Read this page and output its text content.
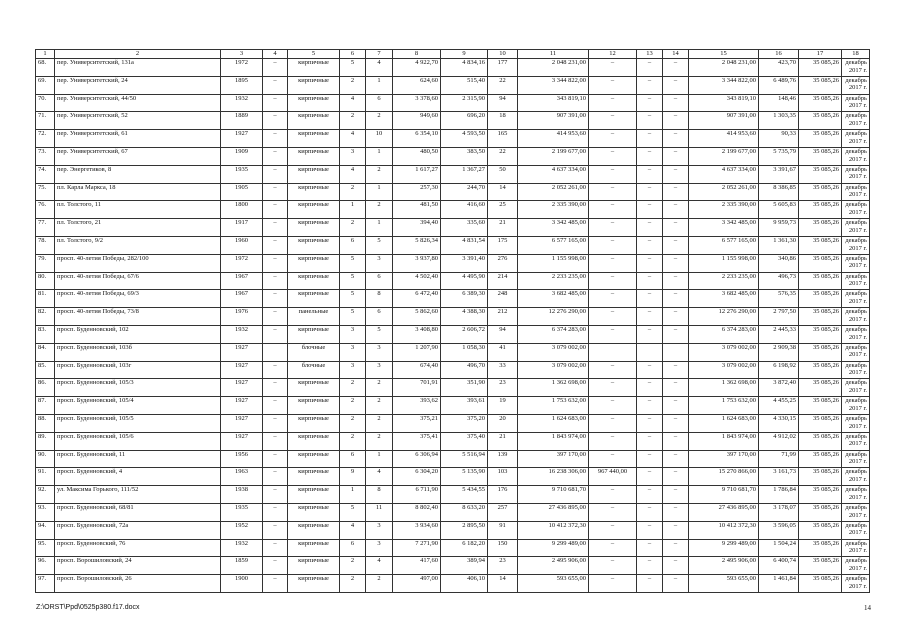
1	2	3	4	5	6	7	8	9	10	11	12	13	14	15	16	17	18
68.	пер. Университетский, 131а	1972	–	кирпичные	5	4	4 922,70	4 834,16	177	2 048 231,00	–	–	–	2 048 231,00	423,70	35 085,26	декабрь
2017 г.

69.	пер. Университетский, 24	1895	–	кирпичные	2	1	624,60	515,40	22	3 344 822,00	–	–	–	3 344 822,00	6 489,76	35 085,26	декабрь
2017 г.

70.	пер. Университетский, 44/50	1932	–	кирпичные	4	6	3 378,60	2 315,90	94	343 819,10	–	–	–	343 819,10	148,46	35 085,26	декабрь
2017 г.

71.	пер. Университетский, 52	1889	–	кирпичные	2	2	949,60	696,20	18	907 391,00	–	–	–	907 391,00	1 303,35	35 085,26	декабрь
2017 г.

72.	пер. Университетский, 61	1927	–	кирпичные	4	10	6 354,10	4 593,50	165	414 953,60	–	–	–	414 953,60	90,33	35 085,26	декабрь
2017 г.

73.	пер. Университетский, 67	1909	–	кирпичные	3	1	480,50	383,50	22	2 199 677,00	–	–	–	2 199 677,00	5 735,79	35 085,26	декабрь
2017 г.

74.	пер. Энергетиков, 8	1935	–	кирпичные	4	2	1 617,27	1 367,27	50	4 637 334,00	–	–	–	4 637 334,00	3 391,67	35 085,26	декабрь
2017 г.

75.	пл. Карла Маркса, 18	1905	–	кирпичные	2	1	257,30	244,70	14	2 052 261,00	–	–	–	2 052 261,00	8 386,85	35 085,26	декабрь
2017 г.

76.	пл. Толстого, 11	1800	–	кирпичные	1	2	481,50	416,60	25	2 335 390,00	–	–	–	2 335 390,00	5 605,83	35 085,26	декабрь
2017 г.

77.	пл. Толстого, 21	1917	–	кирпичные	2	1	394,40	335,60	21	3 342 485,00	–	–	–	3 342 485,00	9 959,73	35 085,26	декабрь
2017 г.

78.	пл. Толстого, 9/2	1960	–	кирпичные	6	5	5 826,34	4 831,54	175	6 577 165,00	–	–	–	6 577 165,00	1 361,30	35 085,26	декабрь
2017 г.

79.	просп. 40-летия Победы, 282/100	1972	–	кирпичные	5	3	3 937,80	3 391,40	276	1 155 998,00	–	–	–	1 155 998,00	340,86	35 085,26	декабрь
2017 г.

80.	просп. 40-летия Победы, 67/6	1967	–	кирпичные	5	6	4 502,40	4 495,90	214	2 233 235,00	–	–	–	2 233 235,00	496,73	35 085,26	декабрь
2017 г.

81.	просп. 40-летия Победы, 69/3	1967	–	кирпичные	5	8	6 472,40	6 389,30	248	3 682 485,00	–	–	–	3 682 485,00	576,35	35 085,26	декабрь
2017 г.

82.	просп. 40-летия Победы, 73/8	1976	–	панельные	5	6	5 862,60	4 388,30	212	12 276 290,00	–	–	–	12 276 290,00	2 797,50	35 085,26	декабрь
2017 г.

83.	просп. Буденновский, 102	1932	–	кирпичные	3	5	3 408,80	2 606,72	94	6 374 283,00	–	–	–	6 374 283,00	2 445,33	35 085,26	декабрь
2017 г.

84.	просп. Буденновский, 103б	1927		блочные	3	3	1 207,90	1 058,30	41	3 079 002,00				3 079 002,00	2 909,38	35 085,26	декабрь
2017 г.

85.	просп. Буденновский, 103г	1927	–	блочные	3	3	674,40	496,70	33	3 079 002,00	–	–	–	3 079 002,00	6 198,92	35 085,26	декабрь
2017 г.

86.	просп. Буденновский, 105/3	1927	–	кирпичные	2	2	701,91	351,90	23	1 362 698,00	–	–	–	1 362 698,00	3 872,40	35 085,26	декабрь
2017 г.

87.	просп. Буденновский, 105/4	1927	–	кирпичные	2	2	393,62	393,61	19	1 753 632,00	–	–	–	1 753 632,00	4 455,25	35 085,26	декабрь
2017 г.

88.	просп. Буденновский, 105/5	1927	–	кирпичные	2	2	375,21	375,20	20	1 624 683,00	–	–	–	1 624 683,00	4 330,15	35 085,26	декабрь
2017 г.

89.	просп. Буденновский, 105/6	1927	–	кирпичные	2	2	375,41	375,40	21	1 843 974,00	–	–	–	1 843 974,00	4 912,02	35 085,26	декабрь
2017 г.

90.	просп. Буденновский, 11	1956	–	кирпичные	6	1	6 306,94	5 516,94	139	397 170,00	–	–	–	397 170,00	71,99	35 085,26	декабрь
2017 г.

91.	просп. Буденновский, 4	1963	–	кирпичные	9	4	6 304,20	5 135,90	103	16 238 306,00	967 440,00	–	–	15 270 866,00	3 161,73	35 085,26	декабрь
2017 г.

92.	ул. Максима Горького, 111/52	1938	–	кирпичные	1	8	6 711,90	5 434,55	176	9 710 681,70	–	–	–	9 710 681,70	1 786,84	35 085,26	декабрь
2017 г.

93.	просп. Буденновский, 68/81	1935	–	кирпичные	5	11	8 802,40	8 633,20	257	27 436 895,00	–	–	–	27 436 895,00	3 178,07	35 085,26	декабрь
2017 г.

94.	просп. Буденновский, 72а	1952	–	кирпичные	4	3	3 934,60	2 895,50	91	10 412 372,30	–	–	–	10 412 372,30	3 596,05	35 085,26	декабрь
2017 г.

95.	просп. Буденновский, 76	1932	–	кирпичные	6	3	7 271,90	6 182,20	150	9 299 489,00	–	–	–	9 299 489,00	1 504,24	35 085,26	декабрь
2017 г.

96.	просп. Ворошиловский, 24	1859	–	кирпичные	2	4	417,60	389,94	23	2 495 906,00	–	–	–	2 495 906,00	6 400,74	35 085,26	декабрь
2017 г.

97.	просп. Ворошиловский, 26	1900	–	кирпичные	2	2	497,00	406,10	14	593 655,00	–	–	–	593 655,00	1 461,84	35 085,26	декабрь
2017 г.
Z:\ORST\Ppd\0525p380.f17.docx	14
